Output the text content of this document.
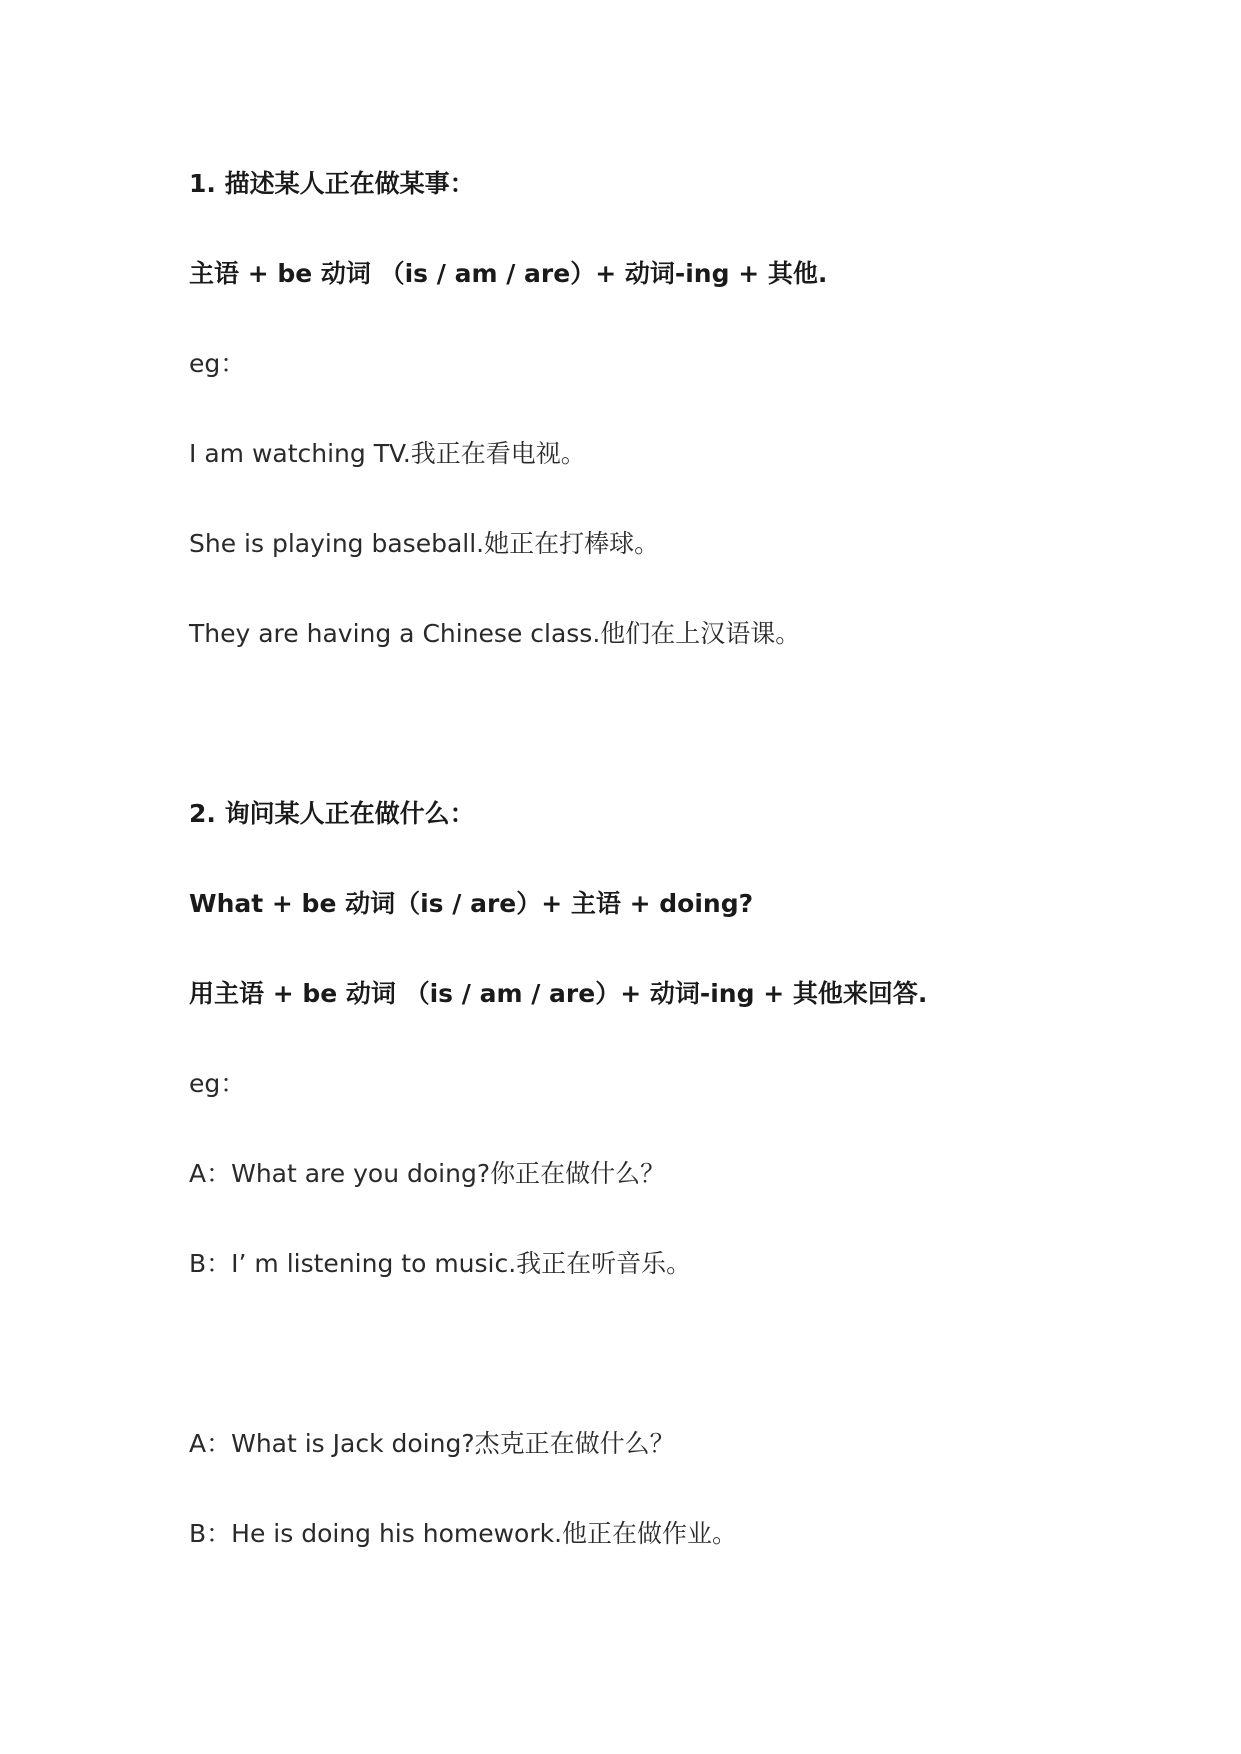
1. 描述某人正在做某事：
主语 + be 动词 （is / am / are）+ 动词-ing + 其他.
eg：
I am watching TV.我正在看电视。
She is playing baseball.她正在打棒球。
They are having a Chinese class.他们在上汉语课。
2. 询问某人正在做什么：
What + be 动词（is / are）+ 主语 + doing?
用主语 + be 动词 （is / am / are）+ 动词-ing + 其他来回答.
eg：
A：What are you doing?你正在做什么？
B：I’ m listening to music.我正在听音乐。
A：What is Jack doing?杰克正在做什么？
B：He is doing his homework.他正在做作业。
